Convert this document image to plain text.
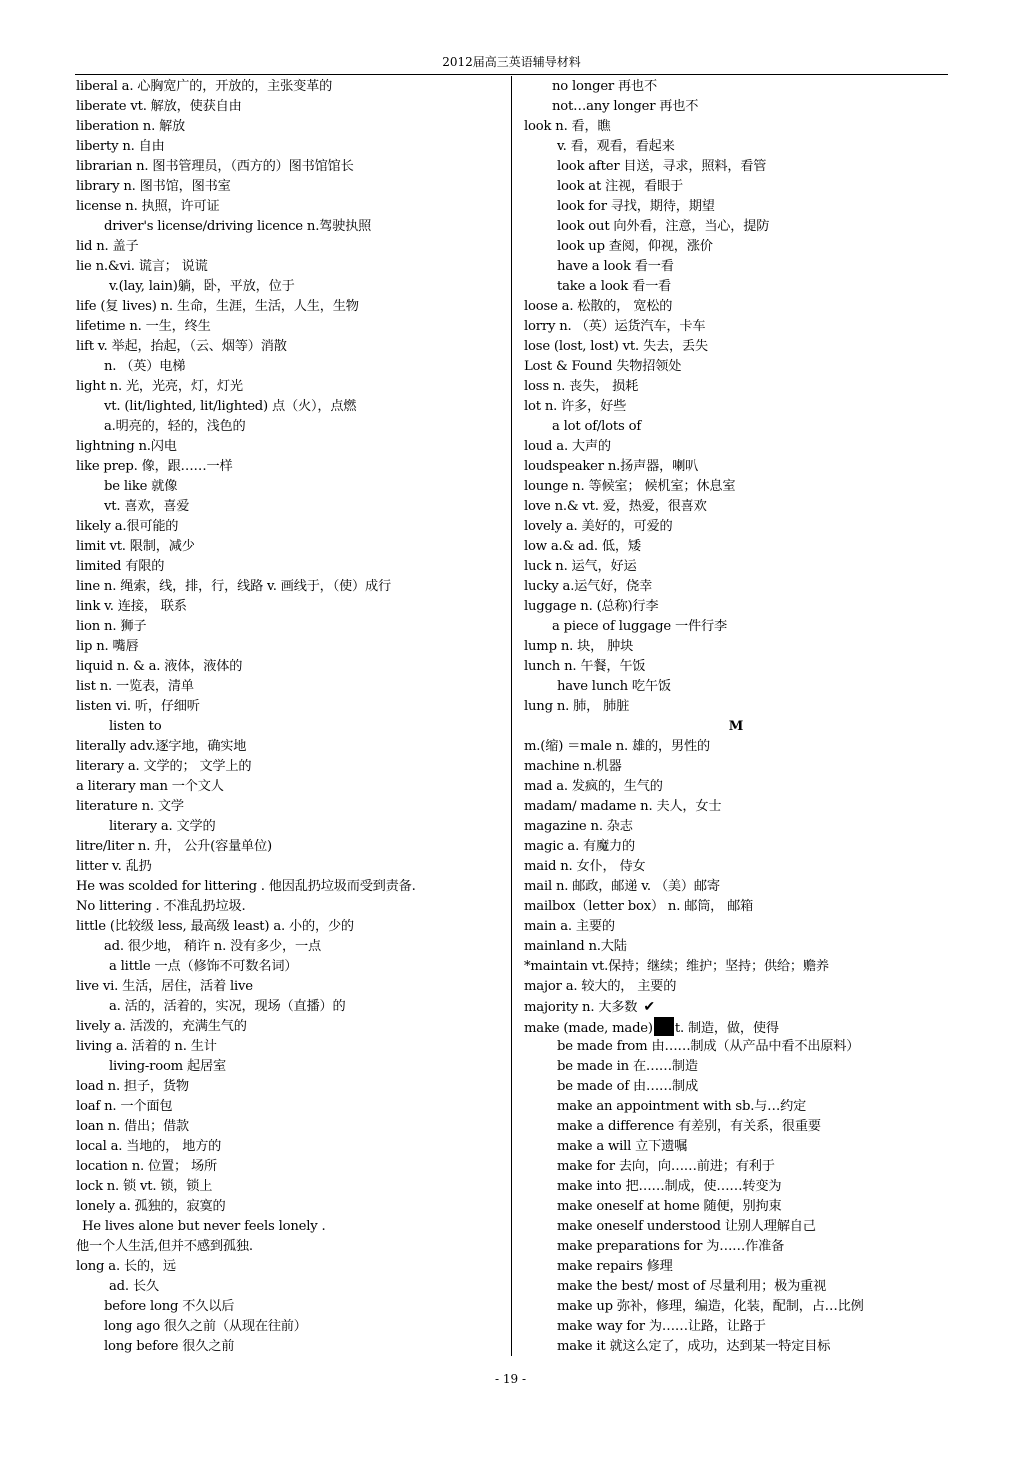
2012届高三英语辅导材料
liberal a. 心胸宽广的，开放的，主张变革的
liberate vt. 解放，使获自由
liberation n. 解放
liberty n. 自由
librarian n. 图书管理员，（西方的）图书馆馆长
library n. 图书馆，图书室
license n. 执照，许可证
driver's license/driving licence n.驾驶执照
lid n. 盖子
lie n.&vi. 谎言； 说谎
v.(lay, lain)躺，卧，平放，位于
life (复 lives) n. 生命，生涯，生活，人生，生物
lifetime n. 一生，终生
lift v. 举起，抬起，（云、烟等）消散
n. （英）电梯
light n. 光，光亮，灯，灯光
vt. (lit/lighted, lit/lighted) 点（火），点燃
a.明亮的，轻的，浅色的
lightning n.闪电
like prep. 像，跟……一样
be like 就像
vt. 喜欢，喜爱
likely a.很可能的
limit vt. 限制，减少
limited 有限的
line n. 绳索，线，排，行，线路 v. 画线于，（使）成行
link v. 连接， 联系
lion n. 狮子
lip n. 嘴唇
liquid n. & a. 液体，液体的
list n. 一览表，清单
listen vi. 听，仔细听
listen to
literally adv.逐字地，确实地
literary a. 文学的； 文学上的
a literary man 一个文人
literature n. 文学
literary a. 文学的
litre/liter n. 升， 公升(容量单位)
litter v. 乱扔
He was scolded for littering . 他因乱扔垃圾而受到责备.
No littering . 不准乱扔垃圾.
little (比较级 less, 最高级 least) a. 小的，少的
ad. 很少地， 稍许 n. 没有多少，一点
a little 一点（修饰不可数名词）
live vi. 生活，居住，活着 live
a. 活的，活着的，实况，现场（直播）的
lively a. 活泼的，充满生气的
living a. 活着的 n. 生计
living-room 起居室
load n. 担子，货物
loaf n. 一个面包
loan n. 借出；借款
local a. 当地的， 地方的
location n. 位置； 场所
lock n. 锁 vt. 锁，锁上
lonely a. 孤独的，寂寞的
He lives alone but never feels lonely .
他一个人生活,但并不感到孤独.
long a. 长的，远
ad. 长久
before long 不久以后
long ago 很久之前（从现在往前）
long before 很久之前
no longer 再也不
not…any longer 再也不
look n. 看，瞧
v. 看，观看，看起来
look after 目送，寻求，照料，看管
look at 注视，看眼于
look for 寻找，期待，期望
look out 向外看，注意，当心，提防
look up 查阅，仰视，涨价
have a look 看一看
take a look 看一看
loose a. 松散的， 宽松的
lorry n. （英）运货汽车，卡车
lose (lost, lost) vt. 失去，丢失
Lost & Found 失物招领处
loss n. 丧失， 损耗
lot n. 许多，好些
a lot of/lots of
loud a. 大声的
loudspeaker n.扬声器，喇叭
lounge n. 等候室； 候机室；休息室
love n.& vt. 爱，热爱，很喜欢
lovely a. 美好的，可爱的
low a.& ad. 低，矮
luck n. 运气，好运
lucky a.运气好，侥幸
luggage n. (总称)行李
a piece of luggage 一件行李
lump n. 块， 肿块
lunch n. 午餐，午饭
have lunch 吃午饭
lung n. 肺， 肺脏
M
m.(缩) ＝male n. 雄的，男性的
machine n.机器
mad a. 发疯的，生气的
madam/ madame n. 夫人，女士
magazine n. 杂志
magic a. 有魔力的
maid n. 女仆， 侍女
mail n. 邮政，邮递 v. （美）邮寄
mailbox（letter box） n. 邮筒， 邮箱
main a. 主要的
mainland n.大陆
*maintain vt.保持；继续；维护；坚持；供给；赡养
major a. 较大的， 主要的
majority n. 大多数 ✔
make (made, made) t. 制造，做，使得
be made from 由……制成（从产品中看不出原料）
be made in 在……制造
be made of 由……制成
make an appointment with sb.与…约定
make a difference 有差别，有关系，很重要
make a will 立下遗嘱
make for 去向，向……前进；有利于
make into 把……制成，使……转变为
make oneself at home 随便，别拘束
make oneself understood 让别人理解自己
make preparations for 为……作准备
make repairs 修理
make the best/ most of 尽量利用；极为重视
make up 弥补，修理，编造，化装，配制，占…比例
make way for 为……让路，让路于
make it 就这么定了，成功，达到某一特定目标
- 19 -
